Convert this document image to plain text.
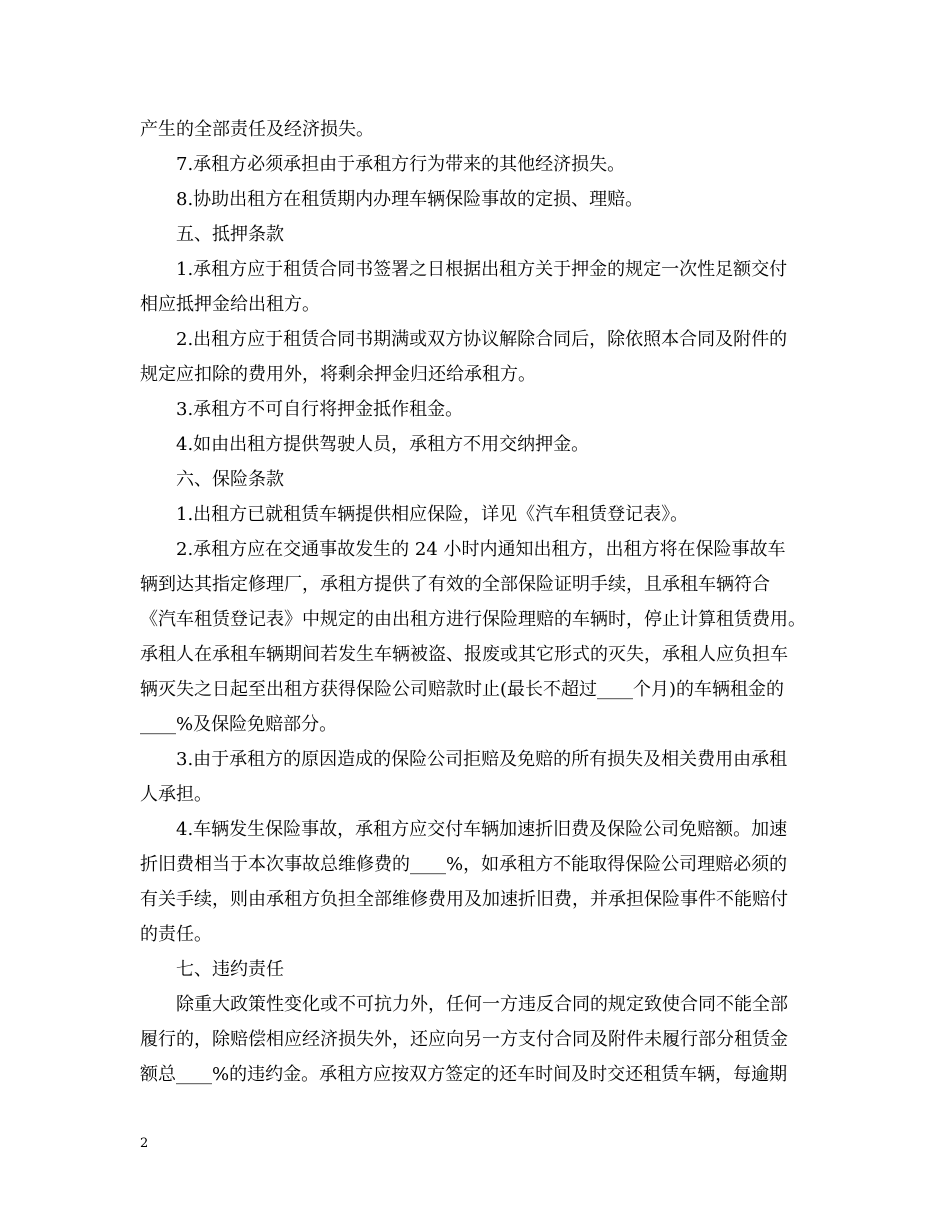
产生的全部责任及经济损失。
7.承租方必须承担由于承租方行为带来的其他经济损失。
8.协助出租方在租赁期内办理车辆保险事故的定损、理赔。
五、抵押条款
1.承租方应于租赁合同书签署之日根据出租方关于押金的规定一次性足额交付
相应抵押金给出租方。
2.出租方应于租赁合同书期满或双方协议解除合同后，除依照本合同及附件的
规定应扣除的费用外，将剩余押金归还给承租方。
3.承租方不可自行将押金抵作租金。
4.如由出租方提供驾驶人员，承租方不用交纳押金。
六、保险条款
1.出租方已就租赁车辆提供相应保险，详见《汽车租赁登记表》。
2.承租方应在交通事故发生的 24 小时内通知出租方，出租方将在保险事故车
辆到达其指定修理厂，承租方提供了有效的全部保险证明手续，且承租车辆符合
《汽车租赁登记表》中规定的由出租方进行保险理赔的车辆时，停止计算租赁费用。
承租人在承租车辆期间若发生车辆被盗、报废或其它形式的灭失，承租人应负担车
辆灭失之日起至出租方获得保险公司赔款时止(最长不超过____个月)的车辆租金的
____%及保险免赔部分。
3.由于承租方的原因造成的保险公司拒赔及免赔的所有损失及相关费用由承租
人承担。
4.车辆发生保险事故，承租方应交付车辆加速折旧费及保险公司免赔额。加速
折旧费相当于本次事故总维修费的____%，如承租方不能取得保险公司理赔必须的
有关手续，则由承租方负担全部维修费用及加速折旧费，并承担保险事件不能赔付
的责任。
七、违约责任
除重大政策性变化或不可抗力外，任何一方违反合同的规定致使合同不能全部
履行的，除赔偿相应经济损失外，还应向另一方支付合同及附件未履行部分租赁金
额总____%的违约金。承租方应按双方签定的还车时间及时交还租赁车辆，每逾期
2
